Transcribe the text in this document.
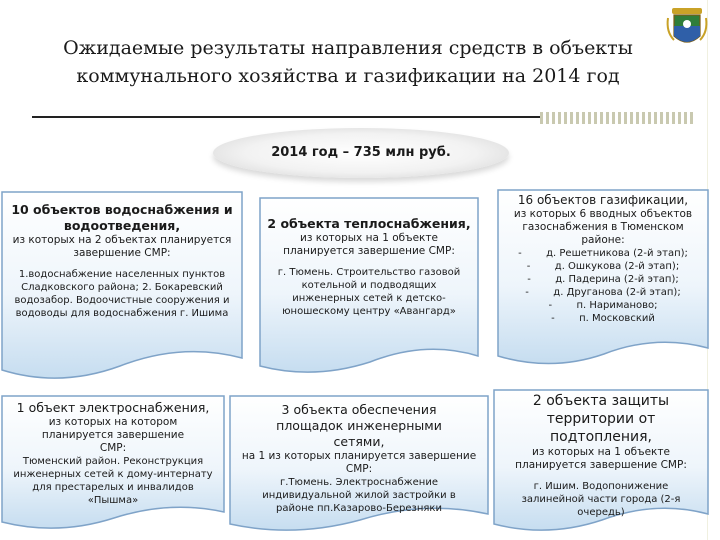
Ожидаемые результаты направления средств в объекты
коммунального хозяйства и газификации на 2014 год
2014 год – 735 млн руб.
10 объектов водоснабжения и водоотведения,
из которых на 2 объектах планируется завершение СМР:
1.водоснабжение населенных пунктов Сладковского района; 2. Бокаревский водозабор. Водоочистные сооружения и водоводы для водоснабжения г. Ишима
2 объекта теплоснабжения,
из которых на 1 объекте планируется завершение СМР:
г. Тюмень. Строительство газовой котельной и подводящих инженерных сетей к детско-юношескому центру «Авангард»
16 объектов газификации,
из которых 6 вводных объектов газоснабжения в Тюменском районе:
- д. Решетникова (2-й этап);
- д. Ошкукова (2-й этап);
- д. Падерина (2-й этап);
- д. Друганова (2-й этап);
- п. Нариманово;
- п. Московский
1 объект электроснабжения,
из которых на котором планируется завершение СМР:
Тюменский район. Реконструкция инженерных сетей к дому-интернату для престарелых и инвалидов «Пышма»
3 объекта обеспечения площадок инженерными сетями,
на 1 из которых планируется завершение СМР:
г.Тюмень. Электроснабжение индивидуальной жилой застройки в районе пп.Казарово-Березняки
2 объекта защиты территории от подтопления,
из которых на 1 объекте планируется завершение СМР:
г. Ишим. Водопонижение залинейной части города (2-я очередь)
